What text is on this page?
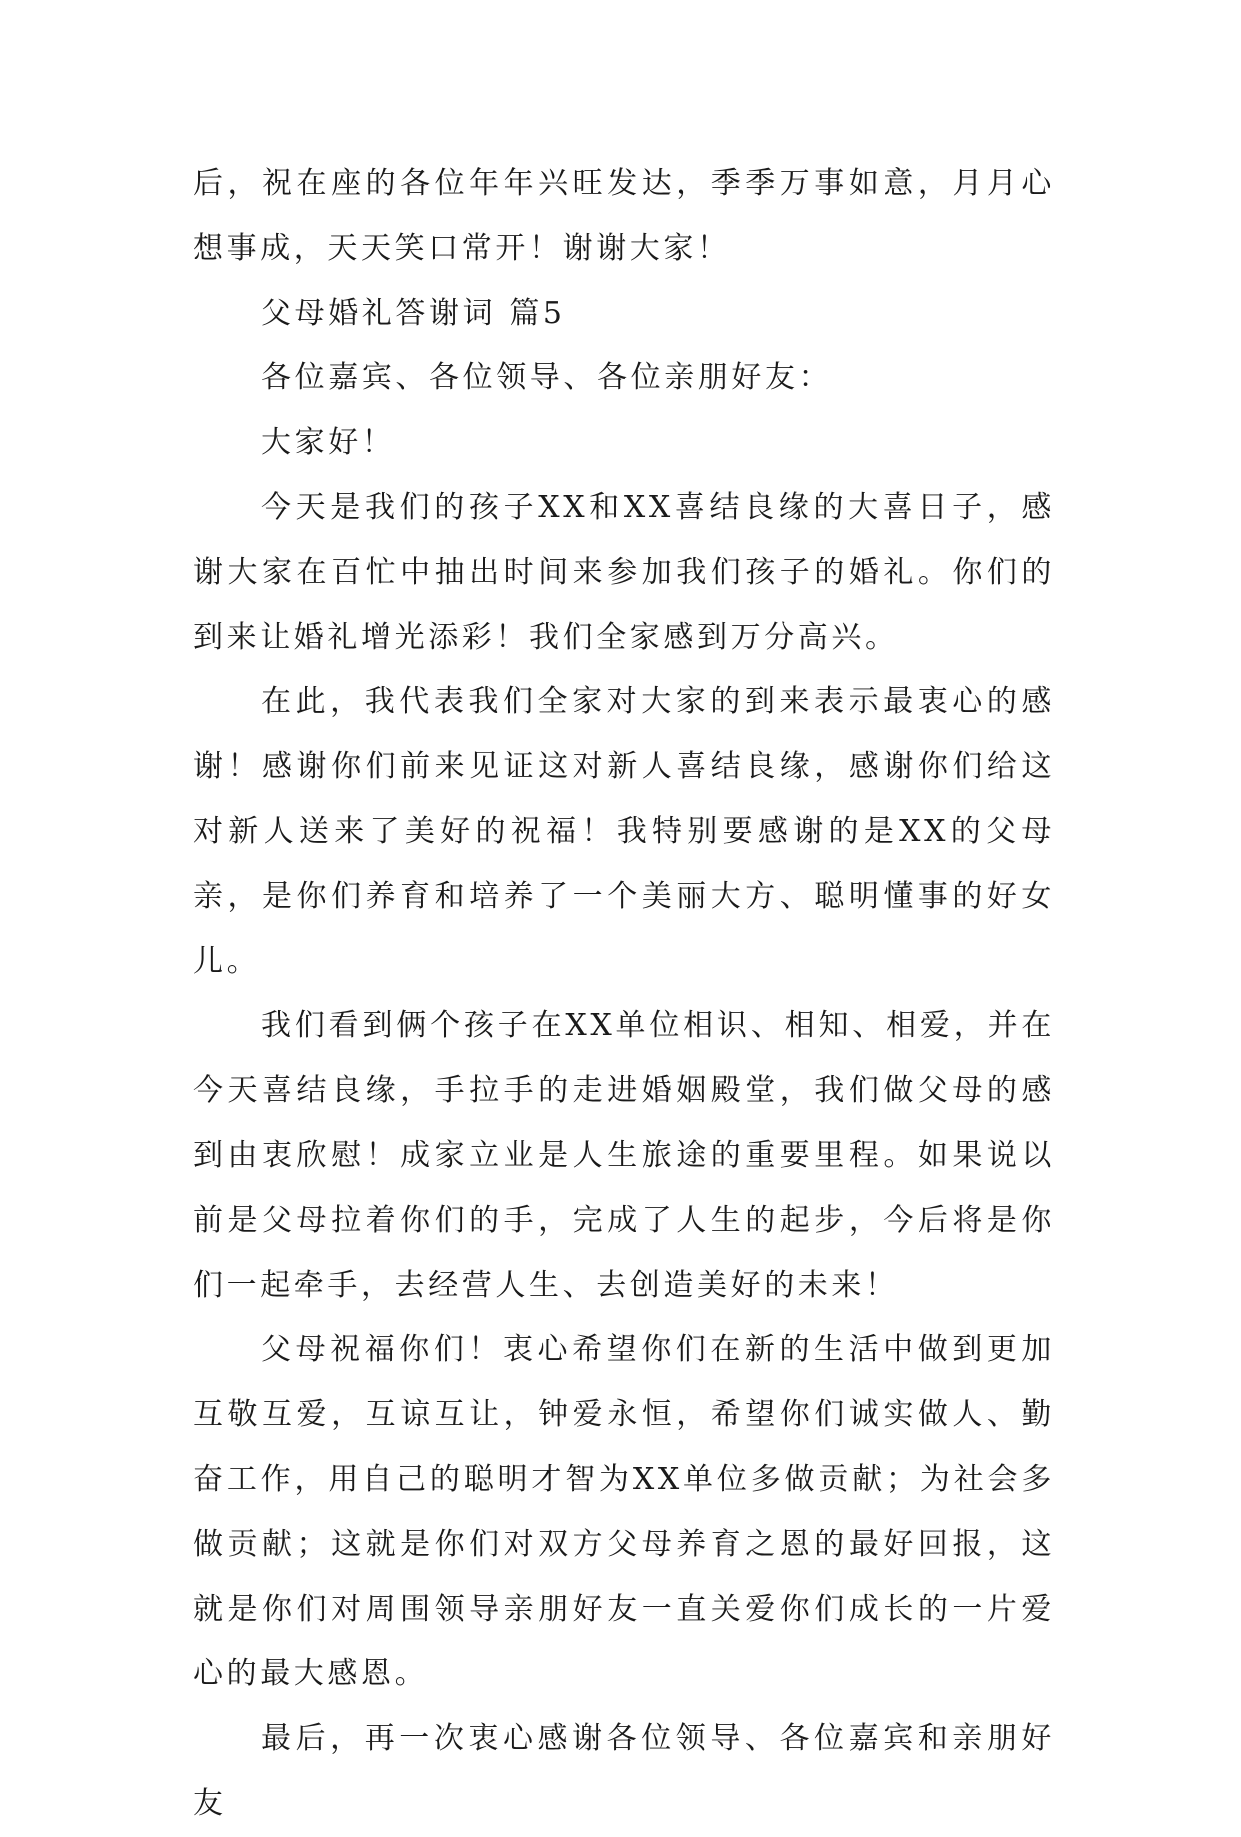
后，祝在座的各位年年兴旺发达，季季万事如意，月月心想事成，天天笑口常开！谢谢大家！

父母婚礼答谢词 篇5

各位嘉宾、各位领导、各位亲朋好友：

大家好！

今天是我们的孩子XX和XX喜结良缘的大喜日子，感谢大家在百忙中抽出时间来参加我们孩子的婚礼。你们的到来让婚礼增光添彩！我们全家感到万分高兴。

在此，我代表我们全家对大家的到来表示最衷心的感谢！感谢你们前来见证这对新人喜结良缘，感谢你们给这对新人送来了美好的祝福！我特别要感谢的是XX的父母亲，是你们养育和培养了一个美丽大方、聪明懂事的好女儿。

我们看到俩个孩子在XX单位相识、相知、相爱，并在今天喜结良缘，手拉手的走进婚姻殿堂，我们做父母的感到由衷欣慰！成家立业是人生旅途的重要里程。如果说以前是父母拉着你们的手，完成了人生的起步，今后将是你们一起牵手，去经营人生、去创造美好的未来！

父母祝福你们！衷心希望你们在新的生活中做到更加互敬互爱，互谅互让，钟爱永恒，希望你们诚实做人、勤奋工作，用自己的聪明才智为XX单位多做贡献；为社会多做贡献；这就是你们对双方父母养育之恩的最好回报，这就是你们对周围领导亲朋好友一直关爱你们成长的一片爱心的最大感恩。

最后，再一次衷心感谢各位领导、各位嘉宾和亲朋好友
